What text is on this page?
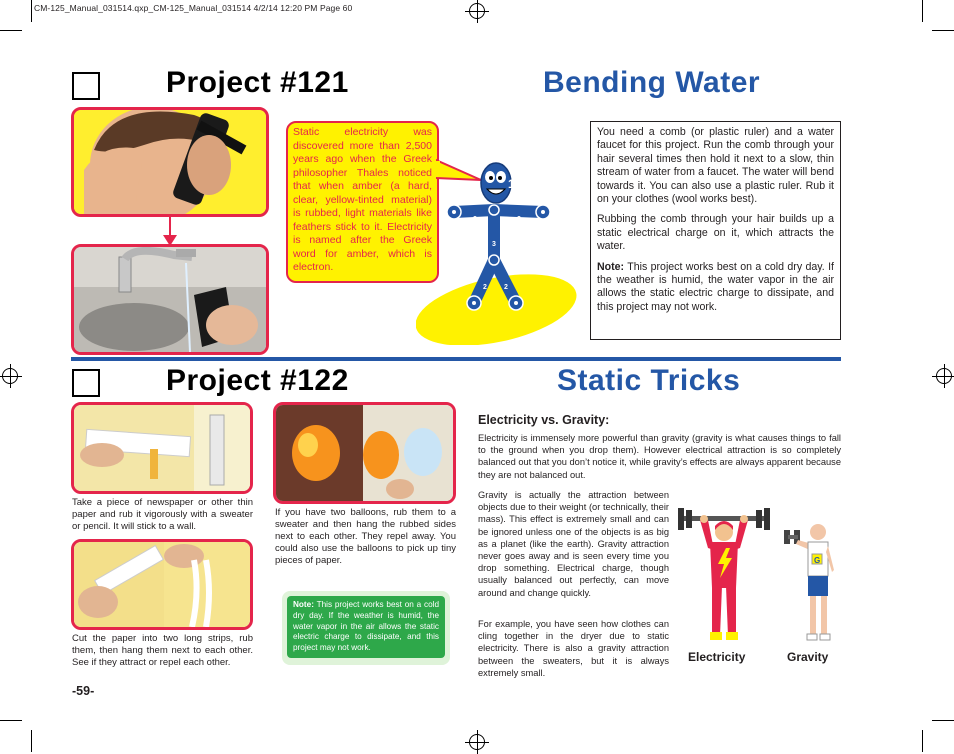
CM-125_Manual_031514.qxp_CM-125_Manual_031514 4/2/14 12:20 PM Page 60
Project #121	Bending Water
Static electricity was discovered more than 2,500 years ago when the Greek philosopher Thales noticed that when amber (a hard, clear, yellow-tinted material) is rubbed, light materials like feathers stick to it. Electricity is named after the Greek word for amber, which is electron.
1
2	2
3
2 2

You need a comb (or plastic ruler) and a water faucet for this project. Run the comb through your hair several times then hold it next to a slow, thin stream of water from a faucet. The water will bend towards it. You can also use a plastic ruler. Rub it on your clothes (wool works best).

Rubbing the comb through your hair builds up a static electrical charge on it, which attracts the water.

Note: This project works best on a cold dry day. If the weather is humid, the water vapor in the air allows the static electric charge to dissipate, and this project may not work.

Project #122	Static Tricks
Take a piece of newspaper or other thin paper and rub it vigorously with a sweater or pencil. It will stick to a wall.
Cut the paper into two long strips, rub them, then hang them next to each other. See if they attract or repel each other.
If you have two balloons, rub them to a sweater and then hang the rubbed sides next to each other. They repel away. You could also use the balloons to pick up tiny pieces of paper.
Note: This project works best on a cold dry day. If the weather is humid, the water vapor in the air allows the static electric charge to dissipate, and this project may not work.
Electricity vs. Gravity:
Electricity is immensely more powerful than gravity (gravity is what causes things to fall to the ground when you drop them). However electrical attraction is so completely balanced out that you don’t notice it, while gravity’s effects are always apparent because they are not balanced out.
Gravity is actually the attraction between objects due to their weight (or technically, their mass). This effect is extremely small and can be ignored unless one of the objects is as big as a planet (like the earth). Gravity attraction never goes away and is seen every time you drop something. Electrical charge, though usually balanced out perfectly, can move around and change quickly.
For example, you have seen how clothes can cling together in the dryer due to static electricity. There is also a gravity attraction between the sweaters, but it is always extremely small.
Electricity
G
Gravity
-59-
